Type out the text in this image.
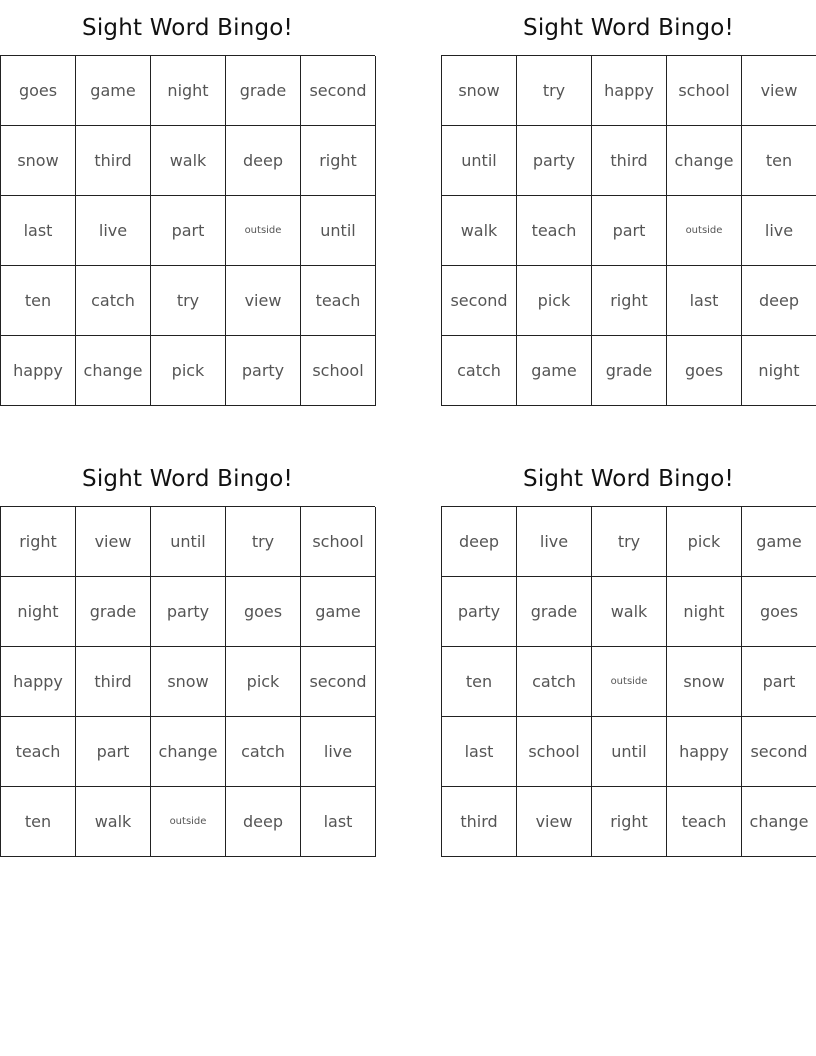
Sight Word Bingo!
goes	game	night	grade	second
snow	third	walk	deep	right
last	live	part	outside	until
ten	catch	try	view	teach
happy	change	pick	party	school
Sight Word Bingo!
snow	try	happy	school	view
until	party	third	change	ten
walk	teach	part	outside	live
second	pick	right	last	deep
catch	game	grade	goes	night
Sight Word Bingo!
right	view	until	try	school
night	grade	party	goes	game
happy	third	snow	pick	second
teach	part	change	catch	live
ten	walk	outside	deep	last
Sight Word Bingo!
deep	live	try	pick	game
party	grade	walk	night	goes
ten	catch	outside	snow	part
last	school	until	happy	second
third	view	right	teach	change
